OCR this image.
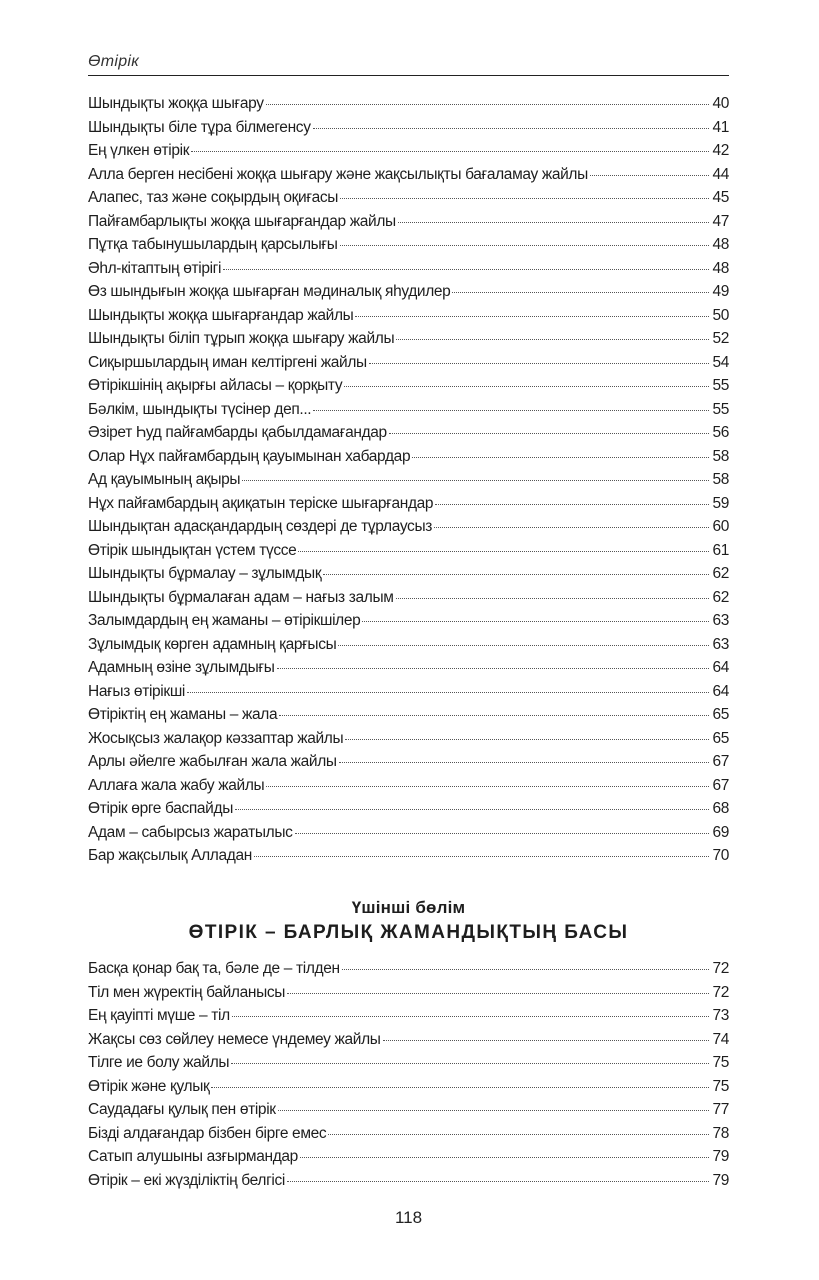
Өтірік
Шындықты жоққа шығару	40
Шындықты біле тұра білмегенсу	41
Ең үлкен өтірік	42
Алла берген несібені жоққа шығару және жақсылықты бағаламау жайлы	44
Алапес, таз және соқырдың оқиғасы	45
Пайғамбарлықты жоққа шығарғандар жайлы	47
Пұтқа табынушылардың қарсылығы	48
Әһл-кітаптың өтірігі	48
Өз шындығын жоққа шығарған мәдиналық яһудилер	49
Шындықты жоққа шығарғандар жайлы	50
Шындықты біліп тұрып жоққа шығару жайлы	52
Сиқыршылардың иман келтіргені жайлы	54
Өтірікшінің ақырғы айласы – қорқыту	55
Бәлкім, шындықты түсінер деп...	55
Әзірет Һуд пайғамбарды қабылдамағандар	56
Олар Нұх пайғамбардың қауымынан хабардар	58
Ад қауымының ақыры	58
Нұх пайғамбардың ақиқатын теріске шығарғандар	59
Шындықтан адасқандардың сөздері де тұрлаусыз	60
Өтірік шындықтан үстем түссе	61
Шындықты бұрмалау – зұлымдық	62
Шындықты бұрмалаған адам – нағыз залым	62
Залымдардың ең жаманы – өтірікшілер	63
Зұлымдық көрген адамның қарғысы	63
Адамның өзіне зұлымдығы	64
Нағыз өтірікші	64
Өтіріктің ең жаманы – жала	65
Жосықсыз жалақор кәззаптар жайлы	65
Арлы әйелге жабылған жала жайлы	67
Аллаға жала жабу жайлы	67
Өтірік өрге баспайды	68
Адам – сабырсыз жаратылыс	69
Бар жақсылық Алладан	70
Үшінші бөлім
ӨТІРІК – БАРЛЫҚ ЖАМАНДЫҚТЫҢ БАСЫ
Басқа қонар бақ та, бәле де – тілден	72
Тіл мен жүректің байланысы	72
Ең қауіпті мүше – тіл	73
Жақсы сөз сөйлеу немесе үндемеу жайлы	74
Тілге ие болу жайлы	75
Өтірік және қулық	75
Саудадағы қулық пен өтірік	77
Бізді алдағандар бізбен бірге емес	78
Сатып алушыны азғырмандар	79
Өтірік – екі жүзділіктің белгісі	79
118
